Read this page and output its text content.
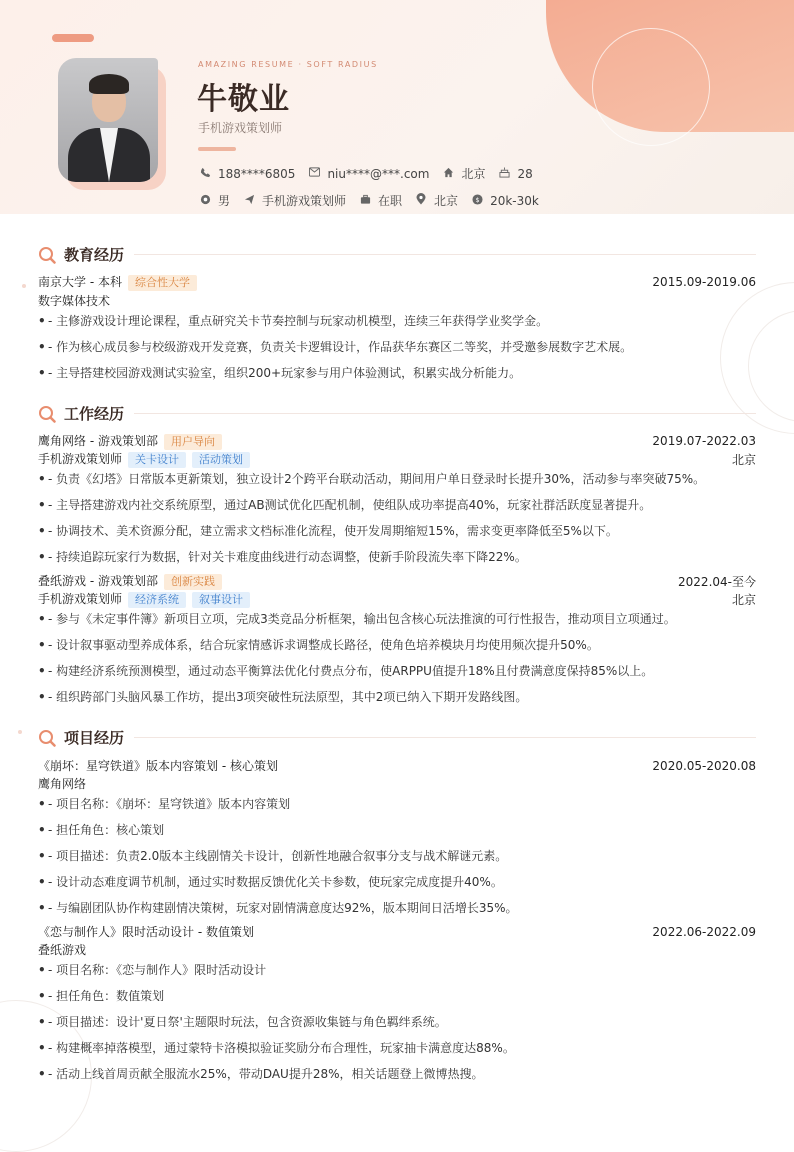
AMAZING RESUME · SOFT RADIUS
牛敬业
手机游戏策划师
188****6805	niu****@***.com	北京	28
男	手机游戏策划师	在职	北京 $ 20k-30k
教育经历
南京大学 - 本科 综合性大学	2015.09-2019.06
数字媒体技术
• - 主修游戏设计理论课程，重点研究关卡节奏控制与玩家动机模型，连续三年获得学业奖学金。
• - 作为核心成员参与校级游戏开发竞赛，负责关卡逻辑设计，作品获华东赛区二等奖，并受邀参展数字艺术展。
• - 主导搭建校园游戏测试实验室，组织200+玩家参与用户体验测试，积累实战分析能力。
工作经历
鹰角网络 - 游戏策划部 用户导向	2019.07-2022.03
手机游戏策划师 关卡设计 活动策划	北京
• - 负责《幻塔》日常版本更新策划，独立设计2个跨平台联动活动，期间用户单日登录时长提升30%，活动参与率突破75%。
• - 主导搭建游戏内社交系统原型，通过AB测试优化匹配机制，使组队成功率提高40%，玩家社群活跃度显著提升。
• - 协调技术、美术资源分配，建立需求文档标准化流程，使开发周期缩短15%，需求变更率降低至5%以下。
• - 持续追踪玩家行为数据，针对关卡难度曲线进行动态调整，使新手阶段流失率下降22%。
叠纸游戏 - 游戏策划部 创新实践	2022.04-至今
手机游戏策划师 经济系统 叙事设计	北京
• - 参与《未定事件簿》新项目立项，完成3类竞品分析框架，输出包含核心玩法推演的可行性报告，推动项目立项通过。
• - 设计叙事驱动型养成体系，结合玩家情感诉求调整成长路径，使角色培养模块月均使用频次提升50%。
• - 构建经济系统预测模型，通过动态平衡算法优化付费点分布，使ARPPU值提升18%且付费满意度保持85%以上。
• - 组织跨部门头脑风暴工作坊，提出3项突破性玩法原型，其中2项已纳入下期开发路线图。
项目经历
《崩坏：星穹铁道》版本内容策划 - 核心策划	2020.05-2020.08
鹰角网络
• - 项目名称：《崩坏：星穹铁道》版本内容策划
• - 担任角色：核心策划
• - 项目描述：负责2.0版本主线剧情关卡设计，创新性地融合叙事分支与战术解谜元素。
• - 设计动态难度调节机制，通过实时数据反馈优化关卡参数，使玩家完成度提升40%。
• - 与编剧团队协作构建剧情决策树，玩家对剧情满意度达92%，版本期间日活增长35%。
《恋与制作人》限时活动设计 - 数值策划	2022.06-2022.09
叠纸游戏
• - 项目名称：《恋与制作人》限时活动设计
• - 担任角色：数值策划
• - 项目描述：设计'夏日祭'主题限时玩法，包含资源收集链与角色羁绊系统。
• - 构建概率掉落模型，通过蒙特卡洛模拟验证奖励分布合理性，玩家抽卡满意度达88%。
• - 活动上线首周贡献全服流水25%，带动DAU提升28%，相关话题登上微博热搜。
